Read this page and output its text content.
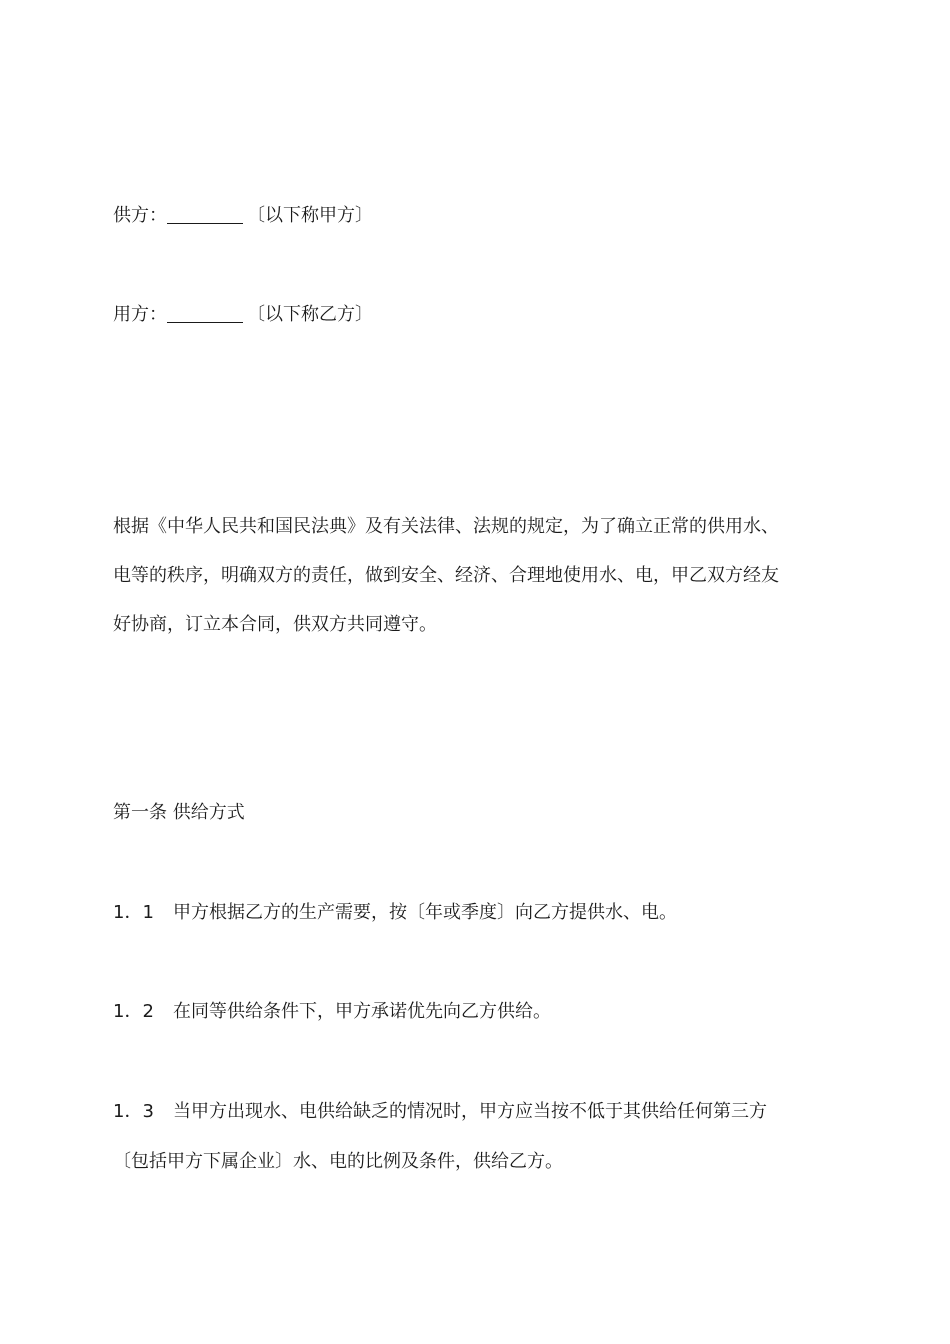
供方：	〔以下称甲方〕
用方：	〔以下称乙方〕
根据《中华人民共和国民法典》及有关法律、法规的规定，为了确立正常的供用水、
电等的秩序，明确双方的责任，做到安全、经济、合理地使用水、电，甲乙双方经友
好协商，订立本合同，供双方共同遵守。
第一条 供给方式
1．1 甲方根据乙方的生产需要，按〔年或季度〕向乙方提供水、电。
1．2 在同等供给条件下，甲方承诺优先向乙方供给。
1．3 当甲方出现水、电供给缺乏的情况时，甲方应当按不低于其供给任何第三方
〔包括甲方下属企业〕水、电的比例及条件，供给乙方。
